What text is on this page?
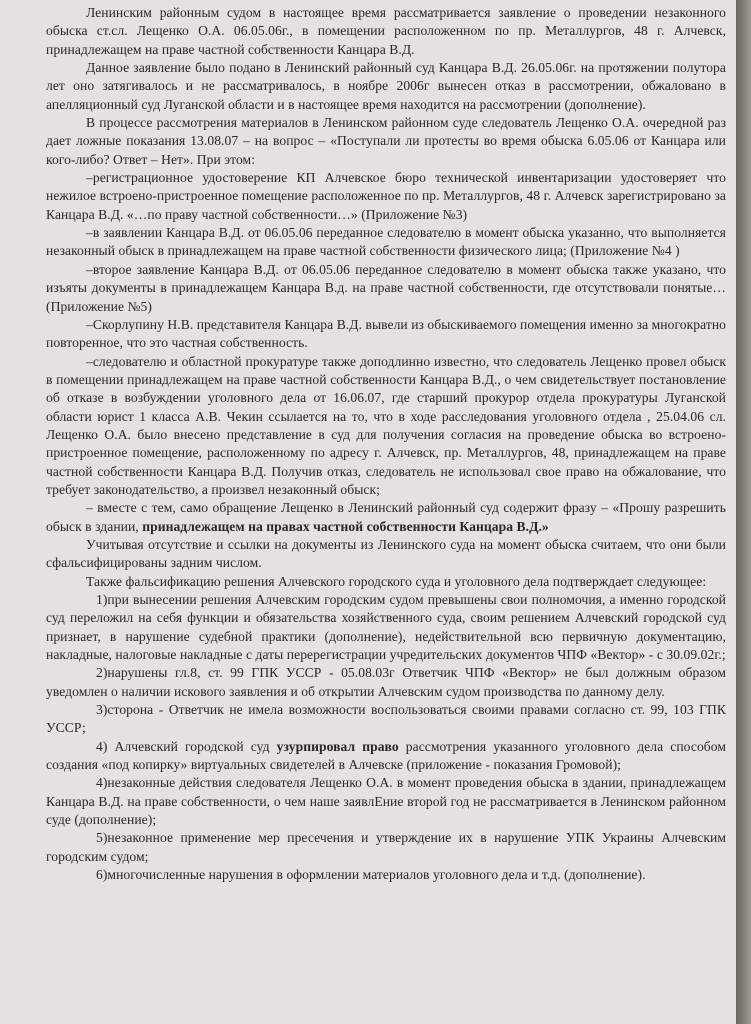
Ленинским районным судом в настоящее время рассматривается заявление о проведении незаконного обыска ст.сл. Лещенко О.А. 06.05.06г., в помещении расположенном по пр. Металлургов, 48 г. Алчевск, принадлежащем на праве частной собственности Канцара В.Д.

Данное заявление было подано в Ленинский районный суд Канцара В.Д. 26.05.06г. на протяжении полутора лет оно затягивалось и не рассматривалось, в ноябре 2006г вынесен отказ в рассмотрении, обжаловано в апелляционный суд Луганской области и в настоящее время находится на рассмотрении (дополнение).

В процессе рассмотрения материалов в Ленинском районном суде следователь Лещенко О.А. очередной раз дает ложные показания 13.08.07 – на вопрос – «Поступали ли протесты во время обыска 6.05.06 от Канцара или кого-либо? Ответ – Нет». При этом:

–регистрационное удостоверение КП Алчевское бюро технической инвентаризации удостоверяет что нежилое встроено-пристроенное помещение расположенное по пр. Металлургов, 48 г. Алчевск зарегистрировано за Канцара В.Д. «…по праву частной собственности…» (Приложение №3)

–в заявлении Канцара В.Д. от 06.05.06 переданное следователю в момент обыска указанно, что выполняется незаконный обыск в принадлежащем на праве частной собственности физического лица; (Приложение №4 )

–второе заявление Канцара В.Д. от 06.05.06 переданное следователю в момент обыска также указано, что изъяты документы в принадлежащем Канцара В.д. на праве частной собственности, где отсутствовали понятые… (Приложение №5)

–Скорлупину Н.В. представителя Канцара В.Д. вывели из обыскиваемого помещения именно за многократно повторенное, что это частная собственность.

–следователю и областной прокуратуре также доподлинно известно, что следователь Лещенко провел обыск в помещении принадлежащем на праве частной собственности Канцара В.Д., о чем свидетельствует постановление об отказе в возбуждении уголовного дела от 16.06.07, где старший прокурор отдела прокуратуры Луганской области юрист 1 класса А.В. Чекин ссылается на то, что в ходе расследования уголовного отдела , 25.04.06 сл. Лещенко О.А. было внесено представление в суд для получения согласия на проведение обыска во встроено-пристроенное помещение, расположенному по адресу г. Алчевск, пр. Металлургов, 48, принадлежащем на праве частной собственности Канцара В.Д. Получив отказ, следователь не использовал свое право на обжалование, что требует законодательство, а произвел незаконный обыск;

– вместе с тем, само обращение Лещенко в Ленинский районный суд содержит фразу – «Прошу разрешить обыск в здании, принадлежащем на правах частной собственности Канцара В.Д.»

Учитывая отсутствие и ссылки на документы из Ленинского суда на момент обыска считаем, что они были сфальсифицированы задним числом.

Также фальсификацию решения Алчевского городского суда и уголовного дела подтверждает следующее:

1)при вынесении решения Алчевским городским судом превышены свои полномочия, а именно городской суд переложил на себя функции и обязательства хозяйственного суда, своим решением Алчевский городской суд признает, в нарушение судебной практики (дополнение), недействительной всю первичную документацию, накладные, налоговые накладные с даты перерегистрации учредительских документов ЧПФ «Вектор» - с 30.09.02г.;

2)нарушены гл.8, ст. 99 ГПК УССР - 05.08.03г Ответчик ЧПФ «Вектор» не был должным образом уведомлен о наличии искового заявления и об открытии Алчевским судом производства по данному делу.

3)сторона - Ответчик не имела возможности воспользоваться своими правами согласно ст. 99, 103 ГПК УССР;

4) Алчевский городской суд узурпировал право рассмотрения указанного уголовного дела способом создания «под копирку» виртуальных свидетелей в Алчевске (приложение - показания Громовой);

4)незаконные действия следователя Лещенко О.А. в момент проведения обыска в здании, принадлежащем Канцара В.Д. на праве собственности, о чем наше заявлЕние второй год не рассматривается в Ленинском районном суде (дополнение);

5)незаконное применение мер пресечения и утверждение их в нарушение УПК Украины Алчевским городским судом;

6)многочисленные нарушения в оформлении материалов уголовного дела и т.д. (дополнение).
